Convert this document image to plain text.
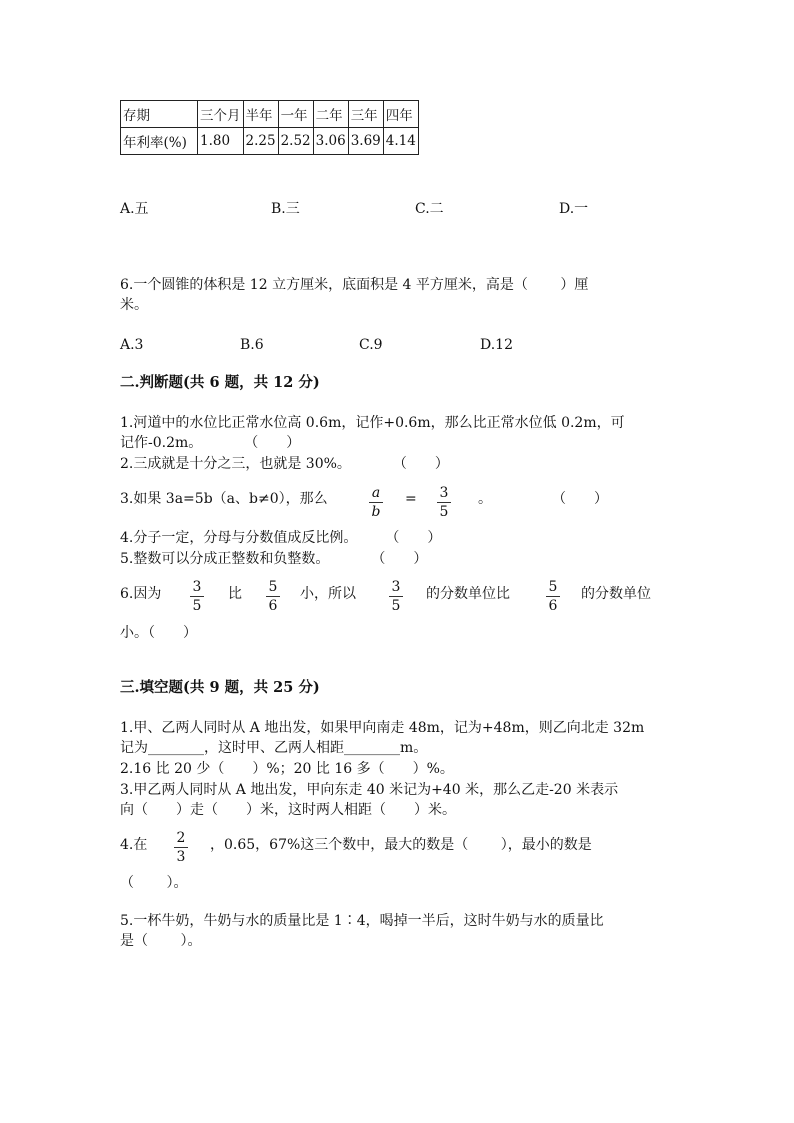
存期	三个月	半年	一年	二年	三年	四年
年利率(%)	1.80	2.25	2.52	3.06	3.69	4.14
A.五	B.三	C.二	D.一
6.一个圆锥的体积是 12 立方厘米，底面积是 4 平方厘米，高是（　　 ）厘
米。
A.3	B.6	C.9	D.12
二.判断题(共 6 题，共 12 分)
1.河道中的水位比正常水位高 0.6m，记作+0.6m，那么比正常水位低 0.2m，可
记作-0.2m。　　　　（　　）
2.三成就是十分之三，也就是 30%。　　　　（　　）
3.如果 3a=5b（a、b≠0），那么	a
b
= 3
5
。	（　　）
4.分子一定，分母与分数值成反比例。　　　（　　）
5.整数可以分成正整数和负整数。　　　　（　　）
6.因为 3
5
比 5
6
小，所以	3
5
的分数单位比	5
6
的分数单位
小。（　　）
三.填空题(共 9 题，共 25 分)
1.甲、乙两人同时从 A 地出发，如果甲向南走 48m，记为+48m，则乙向北走 32m
记为________，这时甲、乙两人相距________m。
2.16 比 20 少（　　）%；20 比 16 多（　　）%。
3.甲乙两人同时从 A 地出发，甲向东走 40 米记为+40 米，那么乙走-20 米表示
向（　　）走（　　）米，这时两人相距（　　）米。
4.在 2
3
，0.65，67%这三个数中，最大的数是（　　 ），最小的数是
（　　 ）。
5.一杯牛奶，牛奶与水的质量比是 1∶4，喝掉一半后，这时牛奶与水的质量比
是（　　 ）。
